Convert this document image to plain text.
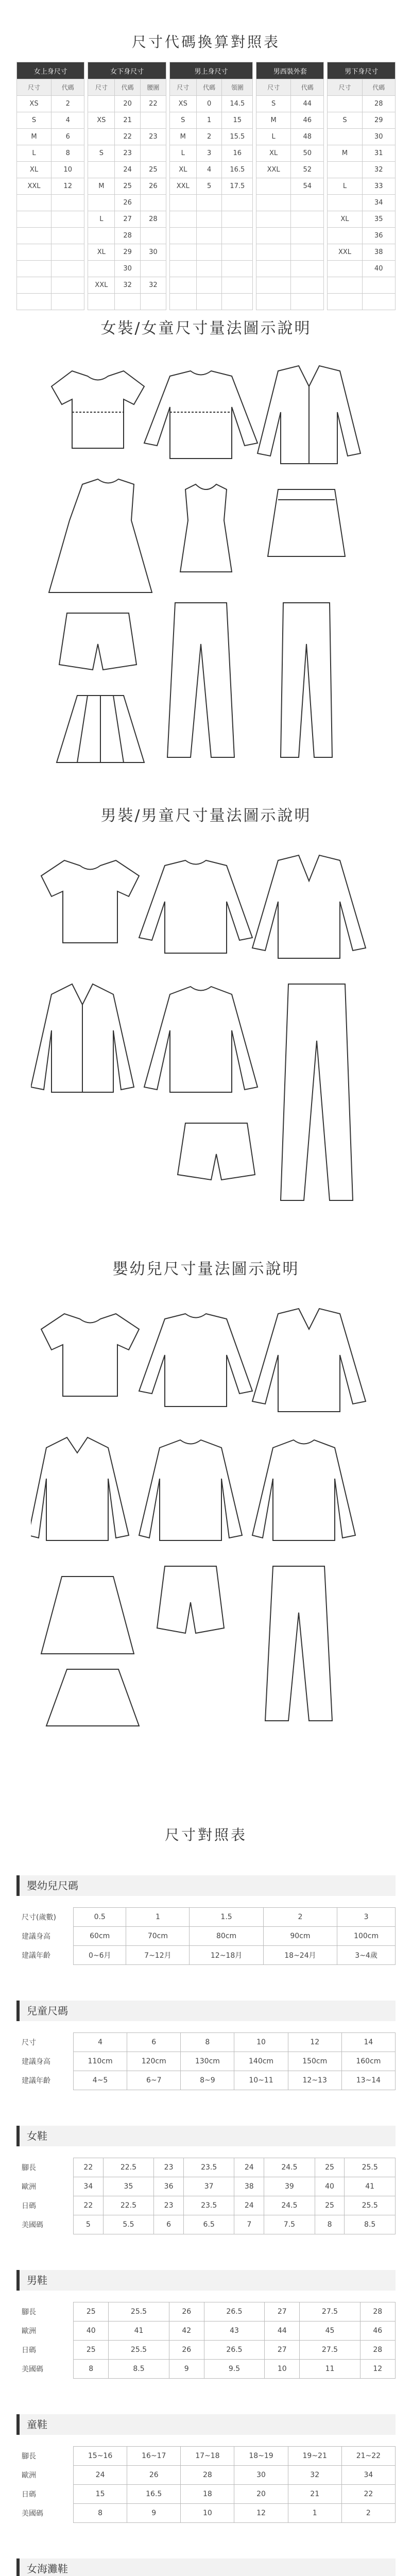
尺寸代碼換算對照表
女上身尺寸			女下身尺寸				男上身尺寸				男西裝外套			男下身尺寸	
尺寸	代碼		尺寸	代碼	腰圍		尺寸	代碼	領圍		尺寸	代碼		尺寸	代碼
XS	2			20	22		XS	0	14.5		S	44			28
S	4		XS	21			S	1	15		M	46		S	29
M	6			22	23		M	2	15.5		L	48			30
L	8		S	23			L	3	16		XL	50		M	31
XL	10			24	25		XL	4	16.5		XXL	52			32
XXL	12		M	25	26		XXL	5	17.5			54		L	33
				26											34
			L	27	28									XL	35
				28											36
			XL	29	30									XXL	38
				30											40
			XXL	32	32										

女裝/女童尺寸量法圖示說明
男裝/男童尺寸量法圖示說明
嬰幼兒尺寸量法圖示說明
尺寸對照表
嬰幼兒尺碼
尺寸(歲數)	0.5	1	1.5	2	3
建議身高	60cm	70cm	80cm	90cm	100cm
建議年齡	0~6月	7~12月	12~18月	18~24月	3~4歲
兒童尺碼
尺寸	4	6	8	10	12	14
建議身高	110cm	120cm	130cm	140cm	150cm	160cm
建議年齡	4~5	6~7	8~9	10~11	12~13	13~14
女鞋
腳長	22	22.5	23	23.5	24	24.5	25	25.5
歐洲	34	35	36	37	38	39	40	41
日碼	22	22.5	23	23.5	24	24.5	25	25.5
美國碼	5	5.5	6	6.5	7	7.5	8	8.5
男鞋
腳長	25	25.5	26	26.5	27	27.5	28
歐洲	40	41	42	43	44	45	46
日碼	25	25.5	26	26.5	27	27.5	28
美國碼	8	8.5	9	9.5	10	11	12
童鞋
腳長	15~16	16~17	17~18	18~19	19~21	21~22
歐洲	24	26	28	30	32	34
日碼	15	16.5	18	20	21	22
美國碼	8	9	10	12	1	2
女海灘鞋
